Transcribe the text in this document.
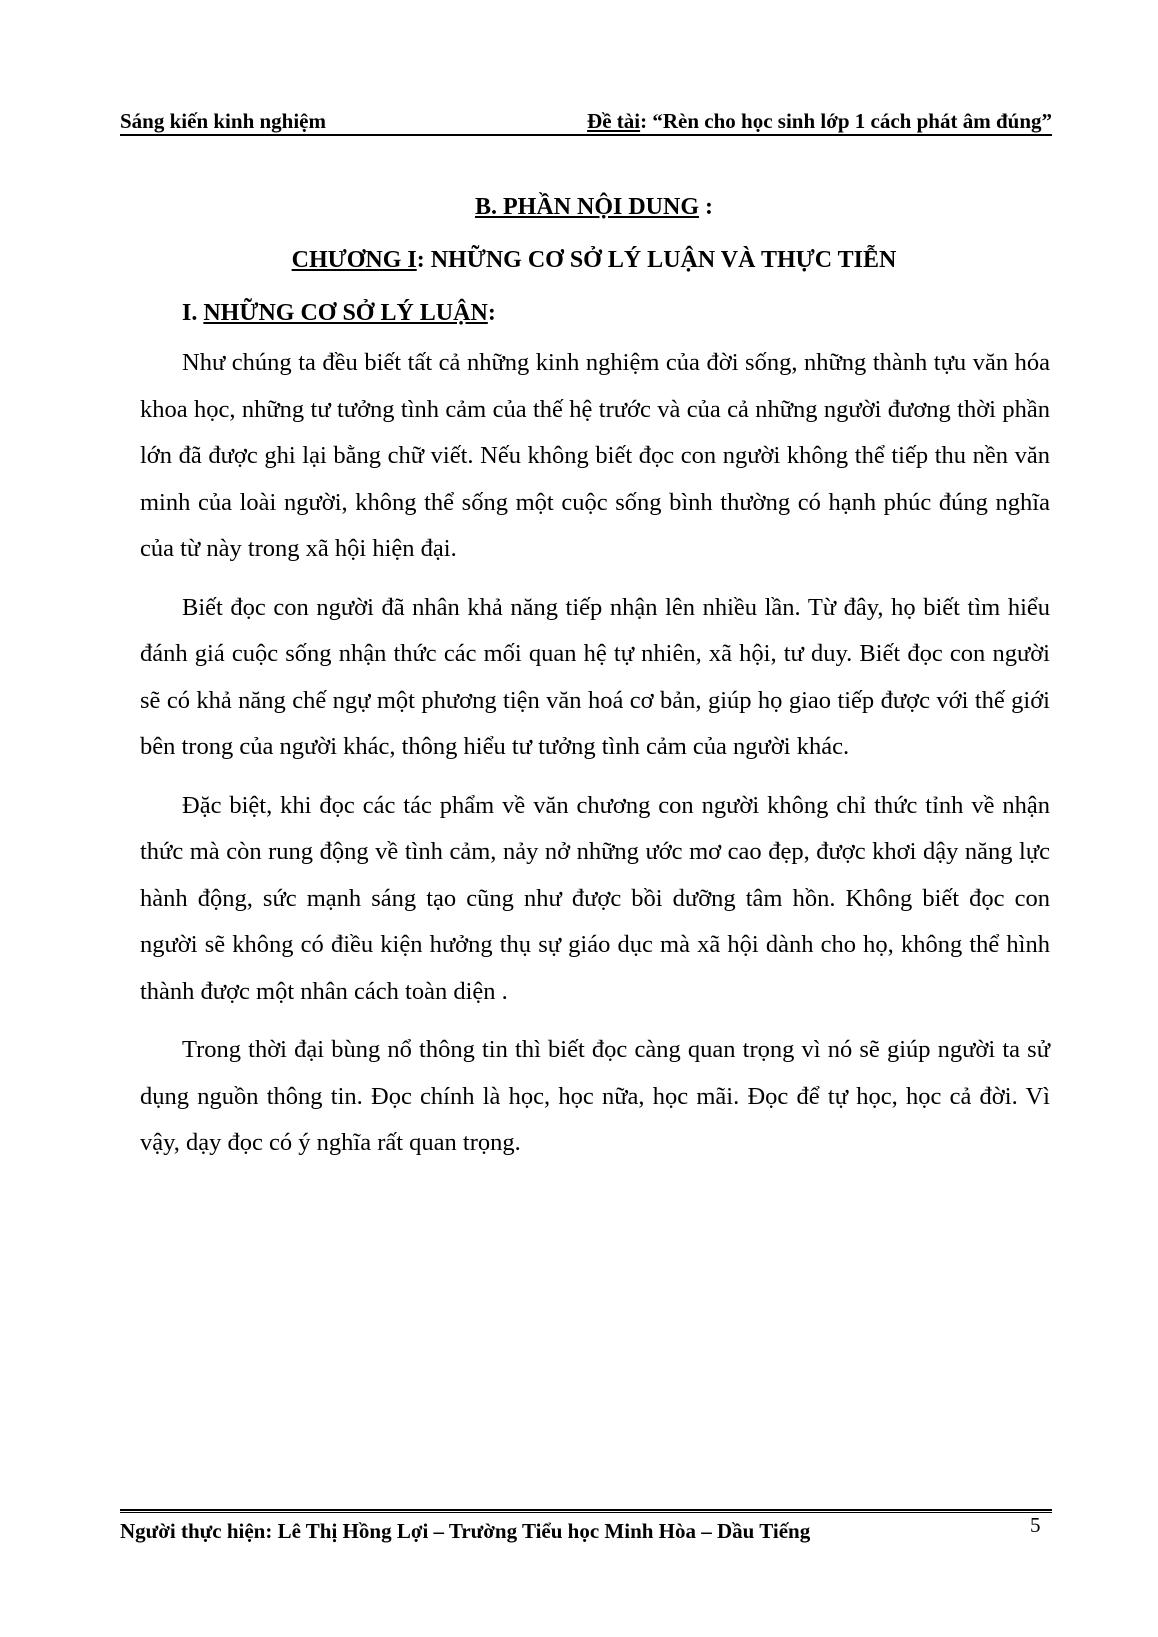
Sáng kiến kinh nghiệm	Đề tài: “Rèn cho học sinh lớp 1 cách phát âm đúng”
B. PHẦN NỘI DUNG :
CHƯƠNG I: NHỮNG CƠ SỞ LÝ LUẬN VÀ THỰC TIỄN
I. NHỮNG CƠ SỞ LÝ LUẬN:

Như chúng ta đều biết tất cả những kinh nghiệm của đời sống, những thành tựu văn hóa khoa học, những tư tưởng tình cảm của thế hệ trước và của cả những người đương thời phần lớn đã được ghi lại bằng chữ viết. Nếu không biết đọc con người không thể tiếp thu nền văn minh của loài người, không thể sống một cuộc sống bình thường có hạnh phúc đúng nghĩa của từ này trong xã hội hiện đại.

Biết đọc con người đã nhân khả năng tiếp nhận lên nhiều lần. Từ đây, họ biết tìm hiểu đánh giá cuộc sống nhận thức các mối quan hệ tự nhiên, xã hội, tư duy. Biết đọc con người sẽ có khả năng chế ngự một phương tiện văn hoá cơ bản, giúp họ giao tiếp được với thế giới bên trong của người khác, thông hiểu tư tưởng tình cảm của người khác.

Đặc biệt, khi đọc các tác phẩm về văn chương con người không chỉ thức tỉnh về nhận thức mà còn rung động về tình cảm, nảy nở những ước mơ cao đẹp, được khơi dậy năng lực hành động, sức mạnh sáng tạo cũng như được bồi dưỡng tâm hồn. Không biết đọc con người sẽ không có điều kiện hưởng thụ sự giáo dục mà xã hội dành cho họ, không thể hình thành được một nhân cách toàn diện .

Trong thời đại bùng nổ thông tin thì biết đọc càng quan trọng vì nó sẽ giúp người ta sử dụng nguồn thông tin. Đọc chính là học, học nữa, học mãi. Đọc để tự học, học cả đời. Vì vậy, dạy đọc có ý nghĩa rất quan trọng.

Người thực hiện: Lê Thị Hồng Lợi – Trường Tiểu học Minh Hòa – Dầu Tiếng	5
